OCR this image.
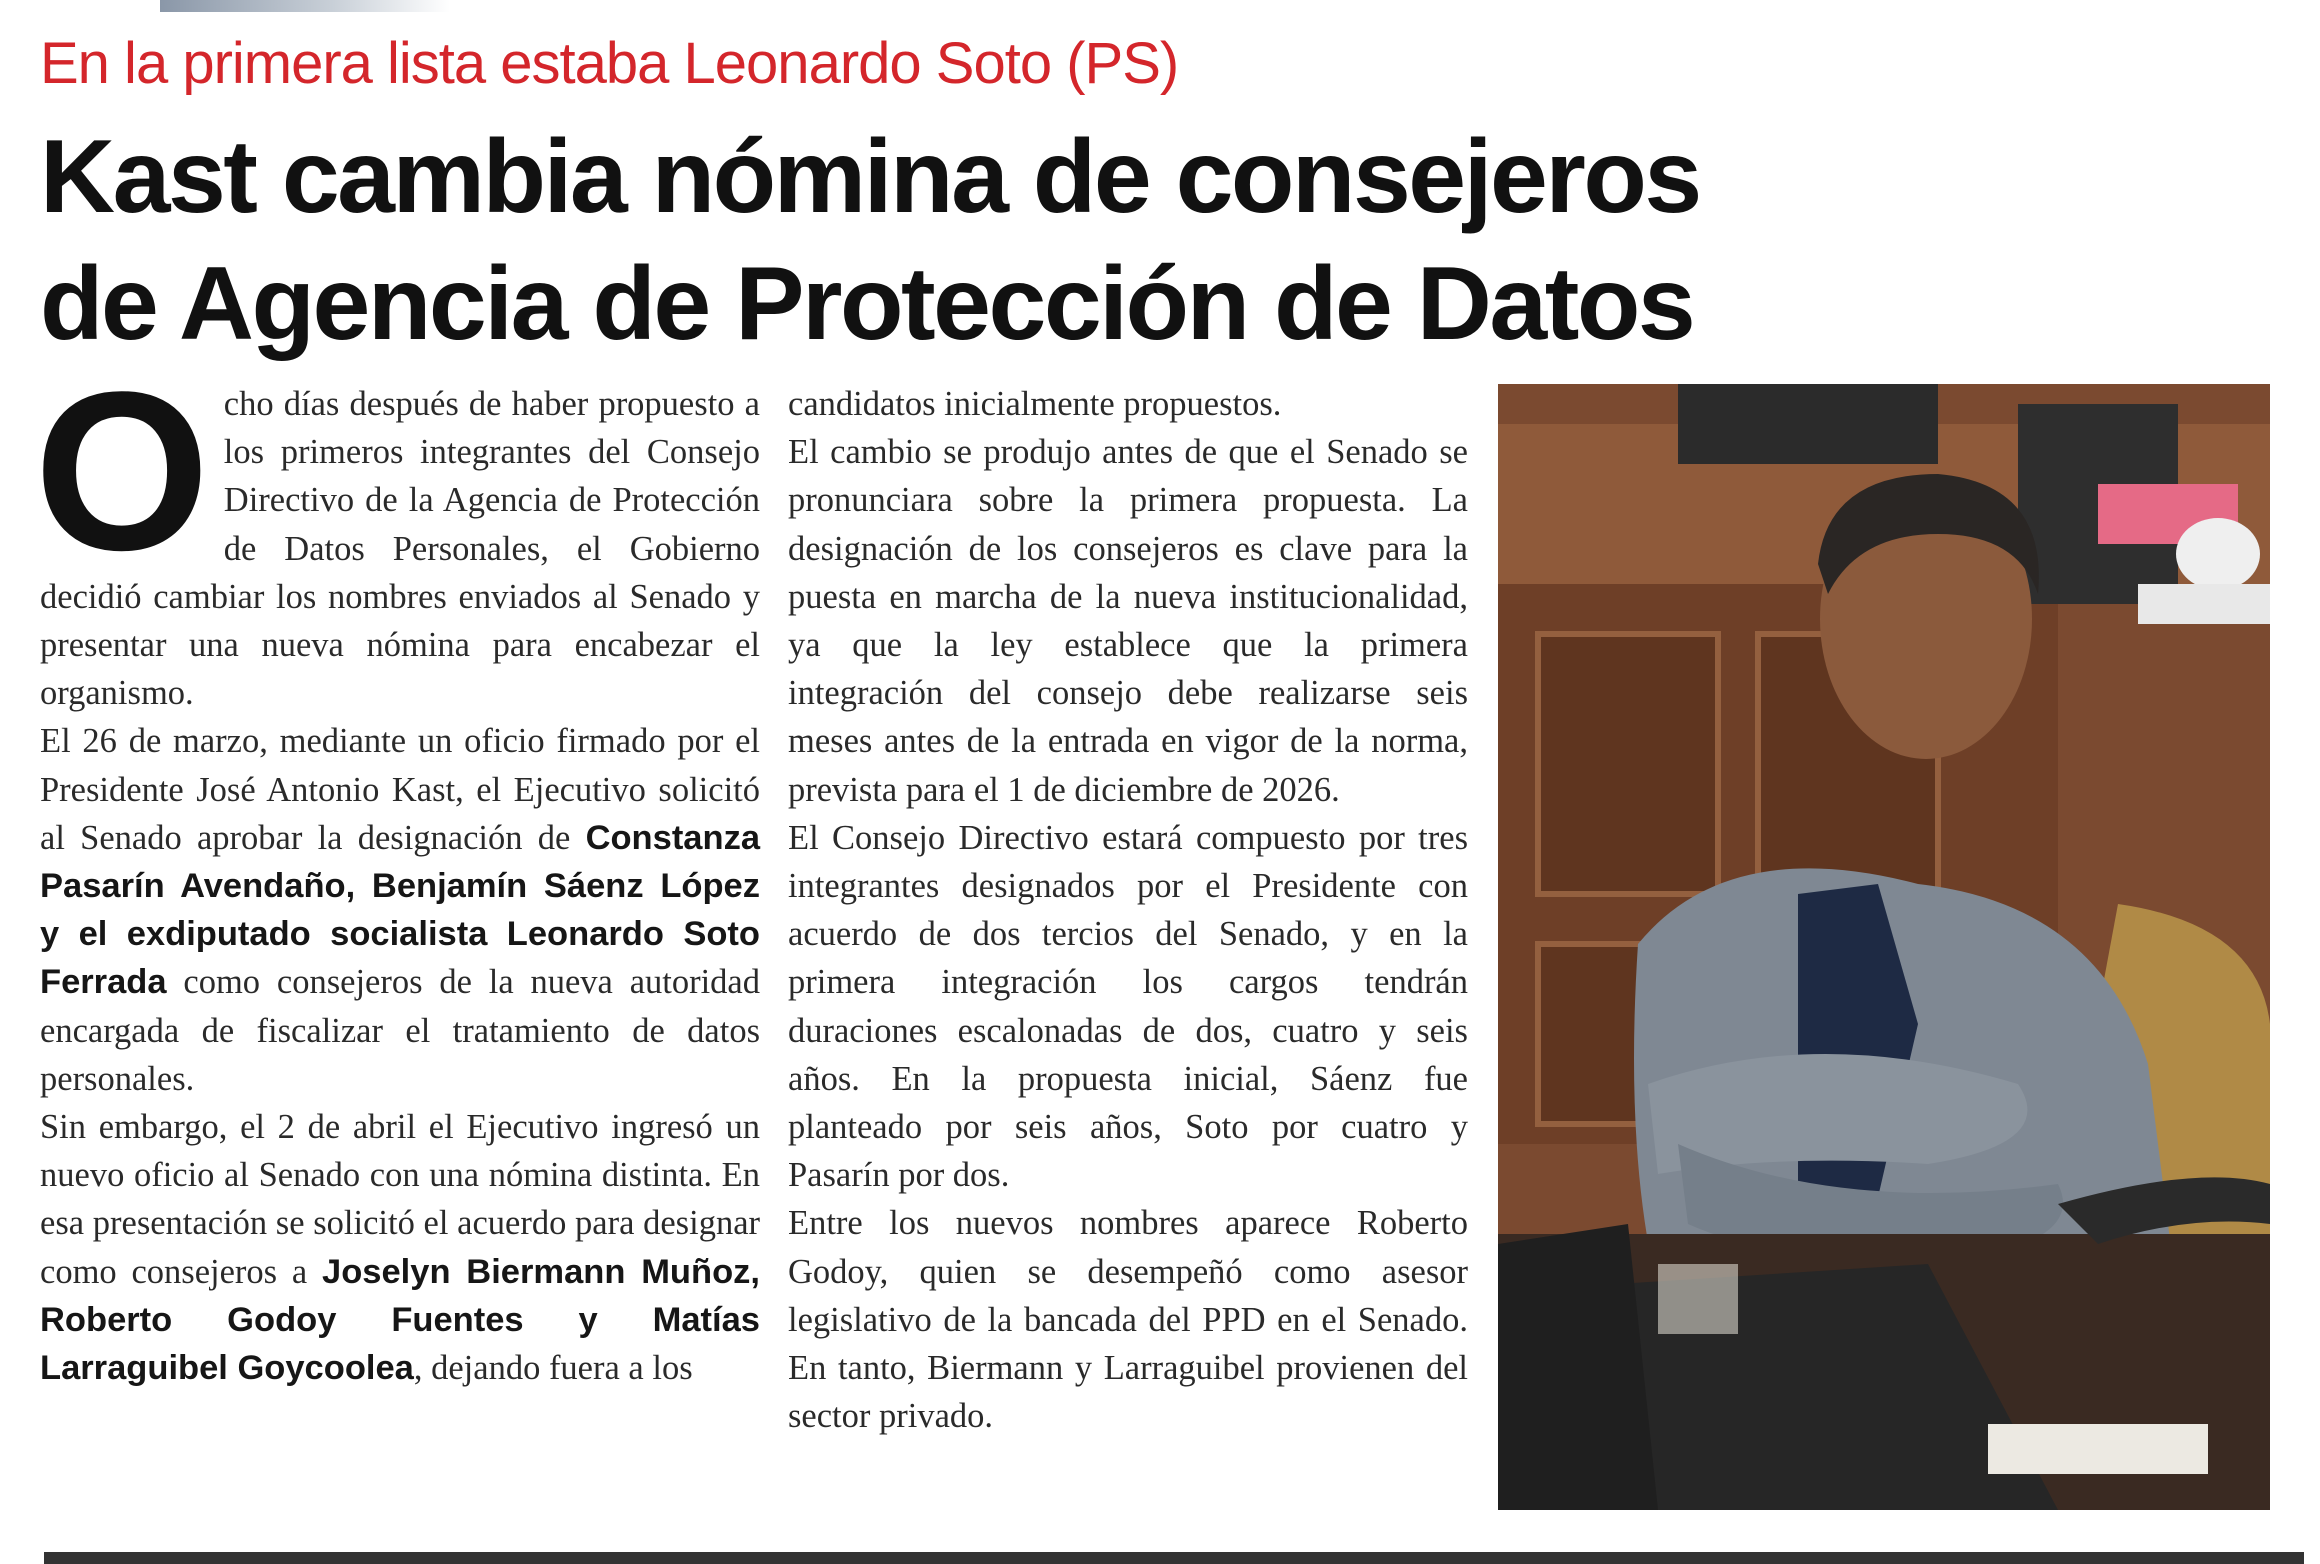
En la primera lista estaba Leonardo Soto (PS)
Kast cambia nómina de consejeros
de Agencia de Protección de Datos

Ocho días después de haber propuesto a los primeros integrantes del Consejo Directivo de la Agencia de Protección de Datos Personales, el Gobierno decidió cambiar los nombres enviados al Senado y presentar una nueva nómina para encabezar el organismo.

El 26 de marzo, mediante un oficio firmado por el Presidente José Antonio Kast, el Ejecutivo solicitó al Senado aprobar la designación de Constanza Pasarín Avendaño, Benjamín Sáenz López y el exdiputado socialista Leonardo Soto Ferrada como consejeros de la nueva autoridad encargada de fiscalizar el tratamiento de datos personales.

Sin embargo, el 2 de abril el Ejecutivo ingresó un nuevo oficio al Senado con una nómina distinta. En esa presentación se solicitó el acuerdo para designar como consejeros a Joselyn Biermann Muñoz, Roberto Godoy Fuentes y Matías Larraguibel Goycoolea, dejando fuera a los

candidatos inicialmente propuestos.

El cambio se produjo antes de que el Senado se pronunciara sobre la primera propuesta. La designación de los consejeros es clave para la puesta en marcha de la nueva institucionalidad, ya que la ley establece que la primera integración del consejo debe realizarse seis meses antes de la entrada en vigor de la norma, prevista para el 1 de diciembre de 2026.

El Consejo Directivo estará compuesto por tres integrantes designados por el Presidente con acuerdo de dos tercios del Senado, y en la primera integración los cargos tendrán duraciones escalonadas de dos, cuatro y seis años. En la propuesta inicial, Sáenz fue planteado por seis años, Soto por cuatro y Pasarín por dos.

Entre los nuevos nombres aparece Roberto Godoy, quien se desempeñó como asesor legislativo de la bancada del PPD en el Senado. En tanto, Biermann y Larraguibel provienen del sector privado.
